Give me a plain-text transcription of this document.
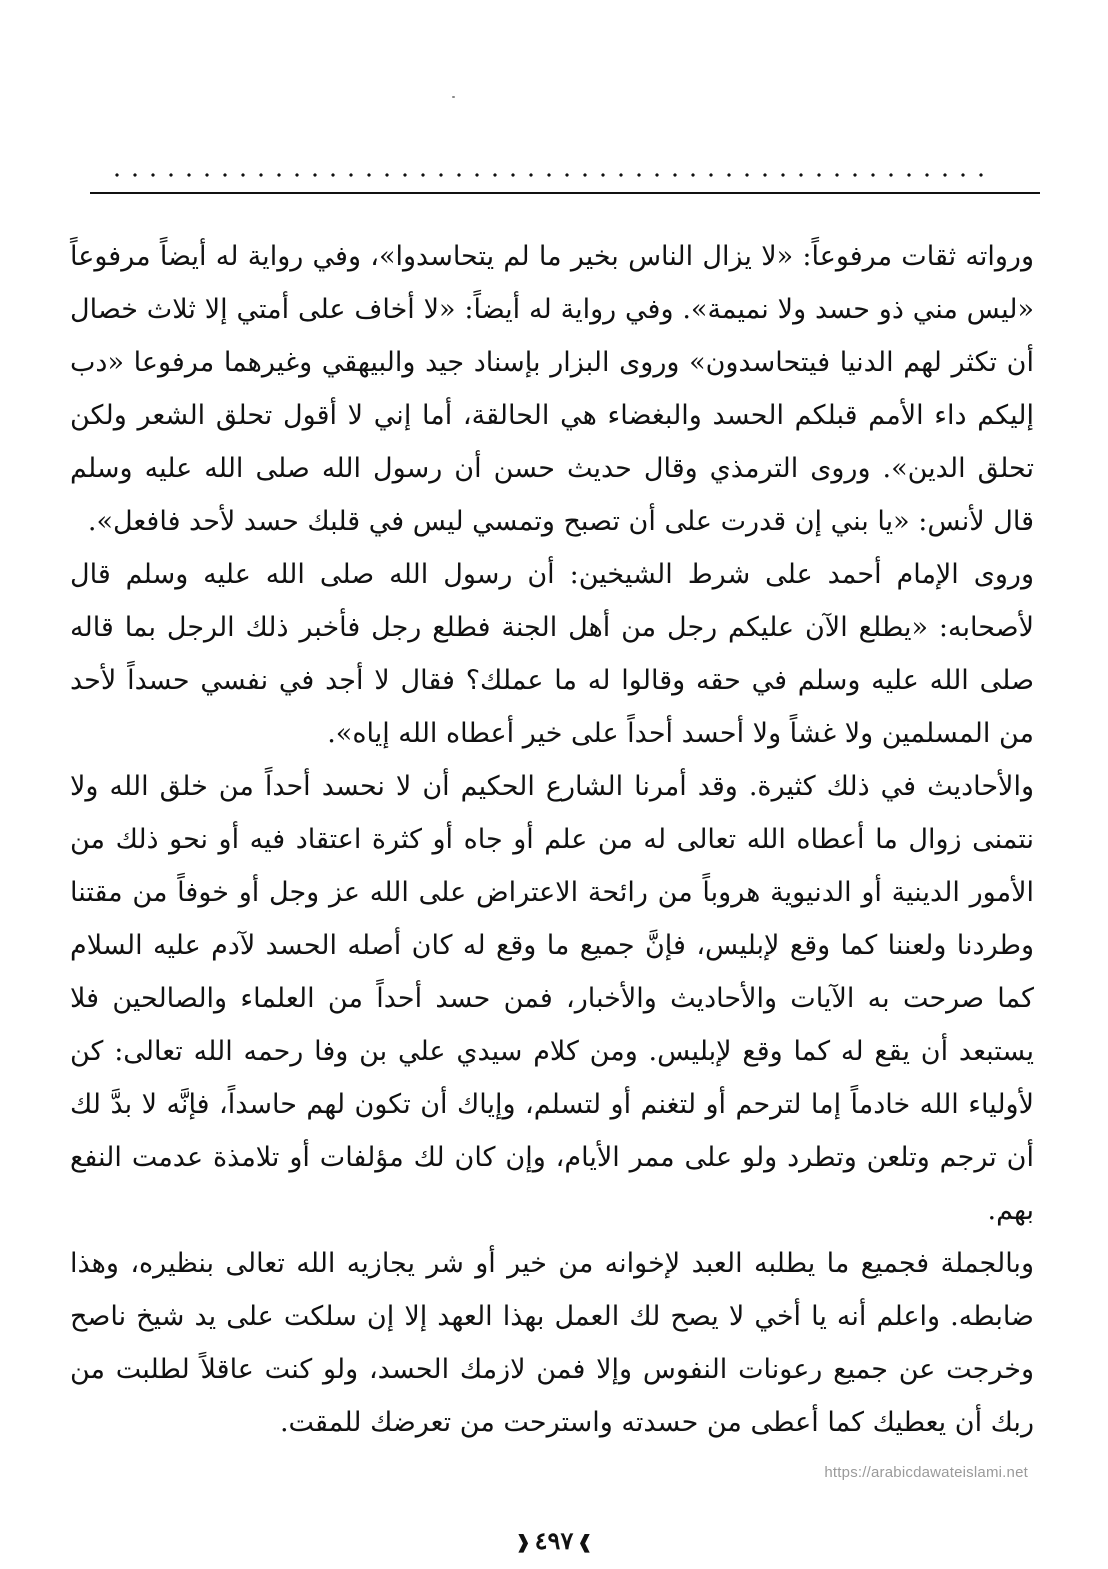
ورواته ثقات مرفوعاً: «لا يزال الناس بخير ما لم يتحاسدوا»، وفي رواية له أيضاً مرفوعاً «ليس مني ذو حسد ولا نميمة». وفي رواية له أيضاً: «لا أخاف على أمتي إلا ثلاث خصال أن تكثر لهم الدنيا فيتحاسدون» وروى البزار بإسناد جيد والبيهقي وغيرهما مرفوعا «دب إليكم داء الأمم قبلكم الحسد والبغضاء هي الحالقة، أما إني لا أقول تحلق الشعر ولكن تحلق الدين». وروى الترمذي وقال حديث حسن أن رسول الله صلى الله عليه وسلم قال لأنس: «يا بني إن قدرت على أن تصبح وتمسي ليس في قلبك حسد لأحد فافعل».

وروى الإمام أحمد على شرط الشيخين: أن رسول الله صلى الله عليه وسلم قال لأصحابه: «يطلع الآن عليكم رجل من أهل الجنة فطلع رجل فأخبر ذلك الرجل بما قاله صلى الله عليه وسلم في حقه وقالوا له ما عملك؟ فقال لا أجد في نفسي حسداً لأحد من المسلمين ولا غشاً ولا أحسد أحداً على خير أعطاه الله إياه».

والأحاديث في ذلك كثيرة. وقد أمرنا الشارع الحكيم أن لا نحسد أحداً من خلق الله ولا نتمنى زوال ما أعطاه الله تعالى له من علم أو جاه أو كثرة اعتقاد فيه أو نحو ذلك من الأمور الدينية أو الدنيوية هروباً من رائحة الاعتراض على الله عز وجل أو خوفاً من مقتنا وطردنا ولعننا كما وقع لإبليس، فإنَّ جميع ما وقع له كان أصله الحسد لآدم عليه السلام كما صرحت به الآيات والأحاديث والأخبار، فمن حسد أحداً من العلماء والصالحين فلا يستبعد أن يقع له كما وقع لإبليس. ومن كلام سيدي علي بن وفا رحمه الله تعالى: كن لأولياء الله خادماً إما لترحم أو لتغنم أو لتسلم، وإياك أن تكون لهم حاسداً، فإنَّه لا بدَّ لك أن ترجم وتلعن وتطرد ولو على ممر الأيام، وإن كان لك مؤلفات أو تلامذة عدمت النفع بهم.

وبالجملة فجميع ما يطلبه العبد لإخوانه من خير أو شر يجازيه الله تعالى بنظيره، وهذا ضابطه. واعلم أنه يا أخي لا يصح لك العمل بهذا العهد إلا إن سلكت على يد شيخ ناصح وخرجت عن جميع رعونات النفوس وإلا فمن لازمك الحسد، ولو كنت عاقلاً لطلبت من ربك أن يعطيك كما أعطى من حسدته واسترحت من تعرضك للمقت.

https://arabicdawateislami.net
❱٤٩٧❰
